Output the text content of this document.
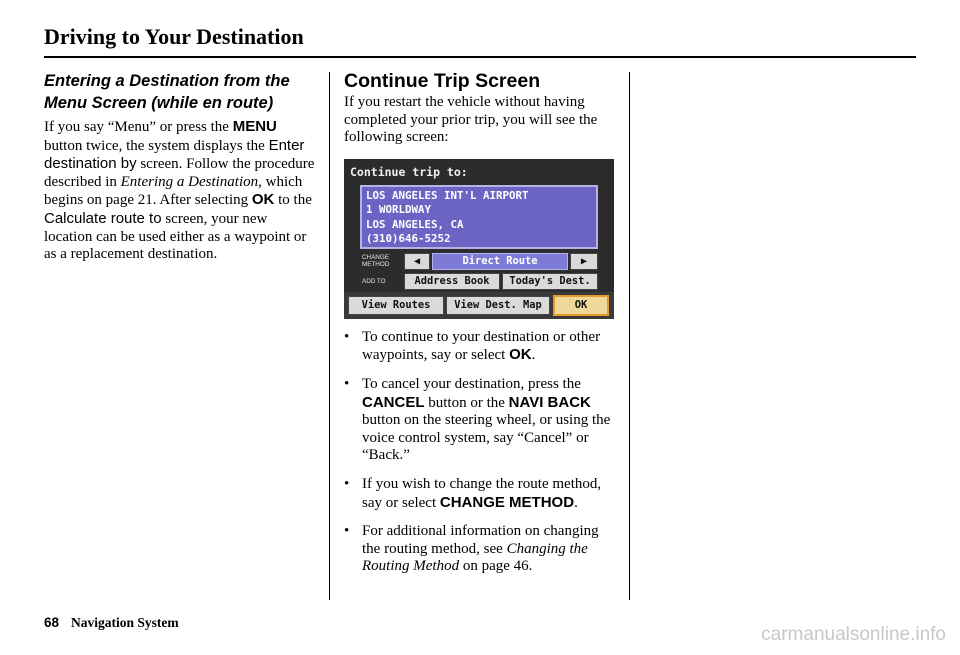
Driving to Your Destination
Entering a Destination from the
Menu Screen (while en route)

If you say “Menu” or press the MENU button twice, the system displays the Enter destination by screen. Follow the procedure described in Entering a Destination, which begins on page 21. After selecting OK to the Calculate route to screen, your new location can be used either as a waypoint or as a replacement destination.

Continue Trip Screen

If you restart the vehicle without having completed your prior trip, you will see the following screen:

Continue trip to:
LOS ANGELES INT'L AIRPORT
1 WORLDWAY
LOS ANGELES, CA
(310)646-5252
CHANGE
METHOD	◀	Direct Route	▶
ADD TO	Address Book	Today's Dest.
View Routes	View Dest. Map	OK
• To continue to your destination or other waypoints, say or select OK.
• To cancel your destination, press the CANCEL button or the NAVI BACK button on the steering wheel, or using the voice control system, say “Cancel” or “Back.”
• If you wish to change the route method, say or select CHANGE METHOD.
• For additional information on changing the routing method, see Changing the Routing Method on page 46.
68 Navigation System
carmanualsonline.info
